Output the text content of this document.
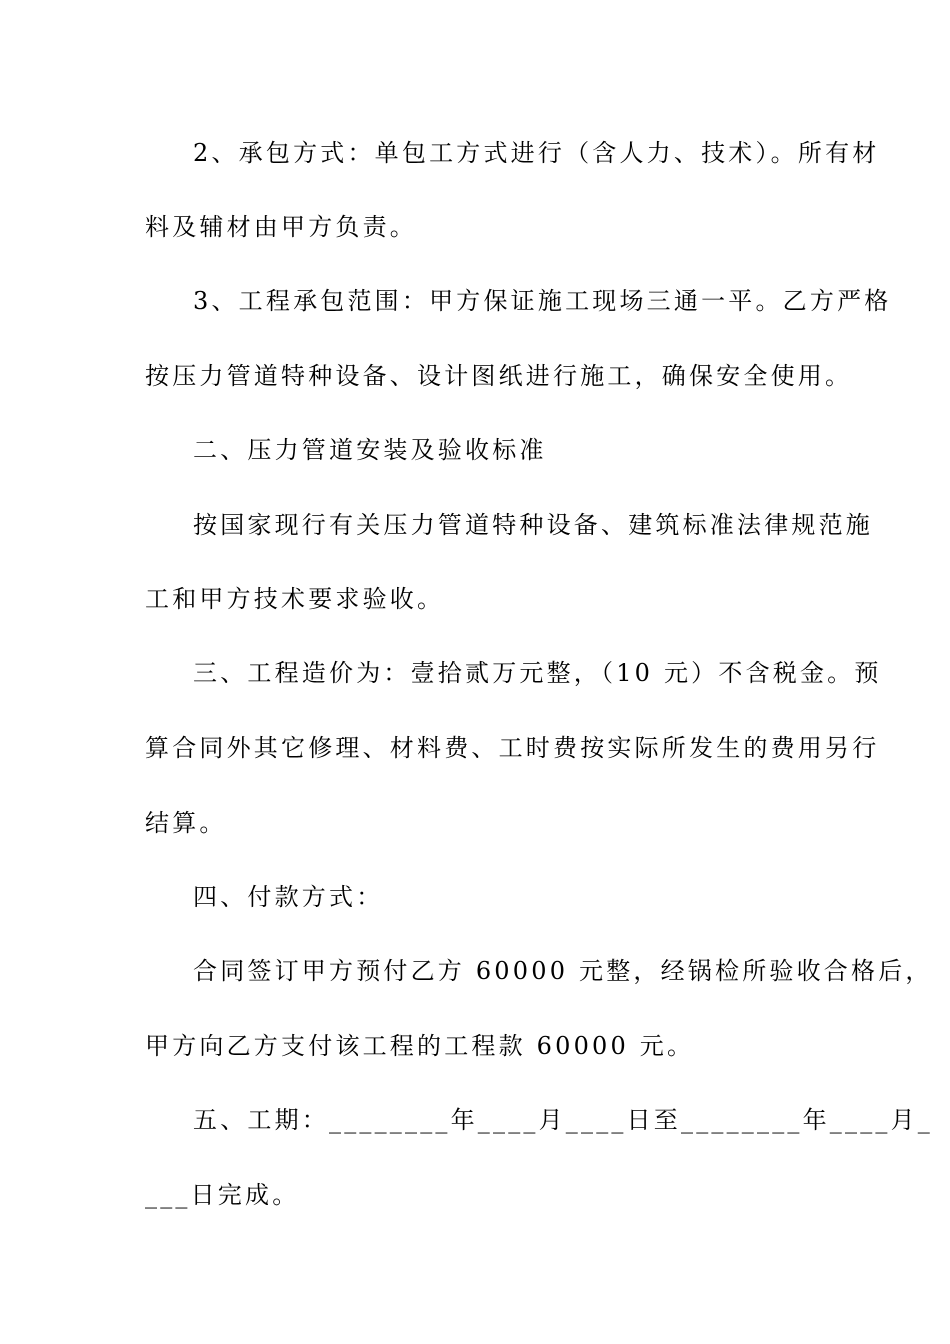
2、承包方式：单包工方式进行（含人力、技术）。所有材
料及辅材由甲方负责。
3、工程承包范围：甲方保证施工现场三通一平。乙方严格
按压力管道特种设备、设计图纸进行施工，确保安全使用。
二、压力管道安装及验收标准
按国家现行有关压力管道特种设备、建筑标准法律规范施
工和甲方技术要求验收。
三、工程造价为：壹拾贰万元整，（10 元）不含税金。预
算合同外其它修理、材料费、工时费按实际所发生的费用另行
结算。
四、付款方式：
合同签订甲方预付乙方 60000 元整，经锅检所验收合格后，
甲方向乙方支付该工程的工程款 60000 元。
五、工期：________年____月____日至________年____月_
___日完成。
